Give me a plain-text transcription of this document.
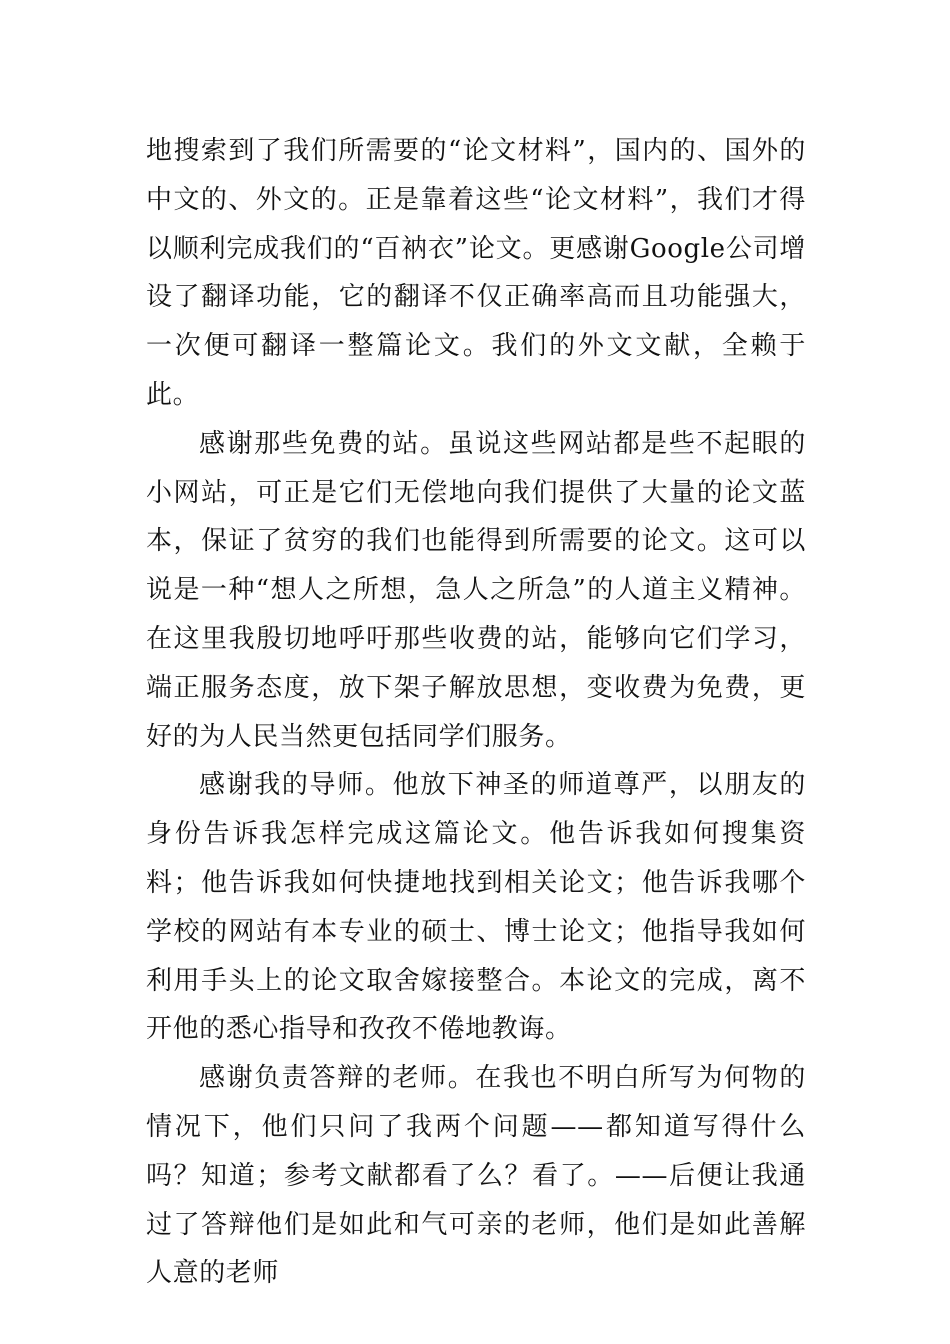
地搜索到了我们所需要的“论文材料”，国内的、国外的中文的、外文的。正是靠着这些“论文材料”，我们才得以顺利完成我们的“百衲衣”论文。更感谢Google公司增设了翻译功能，它的翻译不仅正确率高而且功能强大，一次便可翻译一整篇论文。我们的外文文献，全赖于此。

感谢那些免费的站。虽说这些网站都是些不起眼的小网站，可正是它们无偿地向我们提供了大量的论文蓝本，保证了贫穷的我们也能得到所需要的论文。这可以说是一种“想人之所想，急人之所急”的人道主义精神。在这里我殷切地呼吁那些收费的站，能够向它们学习，端正服务态度，放下架子解放思想，变收费为免费，更好的为人民当然更包括同学们服务。

感谢我的导师。他放下神圣的师道尊严，以朋友的身份告诉我怎样完成这篇论文。他告诉我如何搜集资料；他告诉我如何快捷地找到相关论文；他告诉我哪个学校的网站有本专业的硕士、博士论文；他指导我如何利用手头上的论文取舍嫁接整合。本论文的完成，离不开他的悉心指导和孜孜不倦地教诲。

感谢负责答辩的老师。在我也不明白所写为何物的情况下，他们只问了我两个问题——都知道写得什么吗？知道；参考文献都看了么？看了。——后便让我通过了答辩他们是如此和气可亲的老师，他们是如此善解人意的老师
